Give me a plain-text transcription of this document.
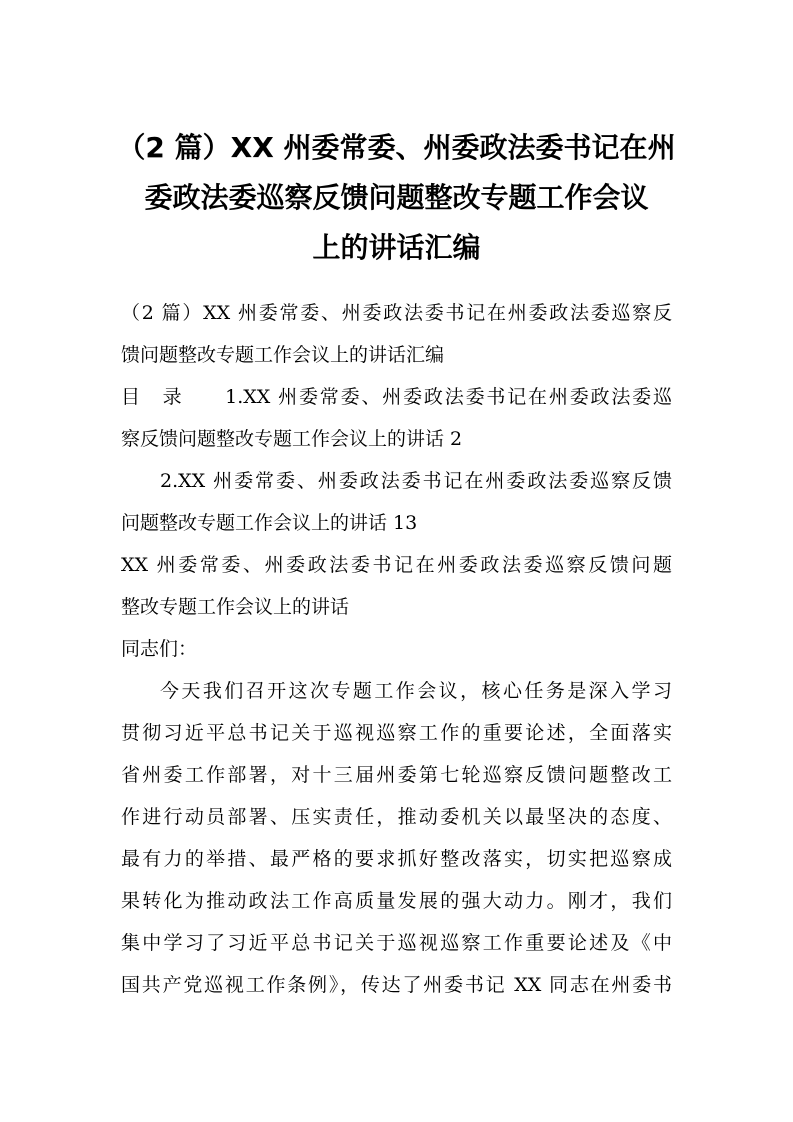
（2 篇）XX 州委常委、州委政法委书记在州
委政法委巡察反馈问题整改专题工作会议
上的讲话汇编
（2 篇）XX 州委常委、州委政法委书记在州委政法委巡察反
馈问题整改专题工作会议上的讲话汇编
目　录　　1.XX 州委常委、州委政法委书记在州委政法委巡
察反馈问题整改专题工作会议上的讲话 2
2.XX 州委常委、州委政法委书记在州委政法委巡察反馈
问题整改专题工作会议上的讲话 13
XX 州委常委、州委政法委书记在州委政法委巡察反馈问题
整改专题工作会议上的讲话
同志们：
今天我们召开这次专题工作会议，核心任务是深入学习
贯彻习近平总书记关于巡视巡察工作的重要论述，全面落实
省州委工作部署，对十三届州委第七轮巡察反馈问题整改工
作进行动员部署、压实责任，推动委机关以最坚决的态度、
最有力的举措、最严格的要求抓好整改落实，切实把巡察成
果转化为推动政法工作高质量发展的强大动力。刚才，我们
集中学习了习近平总书记关于巡视巡察工作重要论述及《中
国共产党巡视工作条例》，传达了州委书记 XX 同志在州委书
